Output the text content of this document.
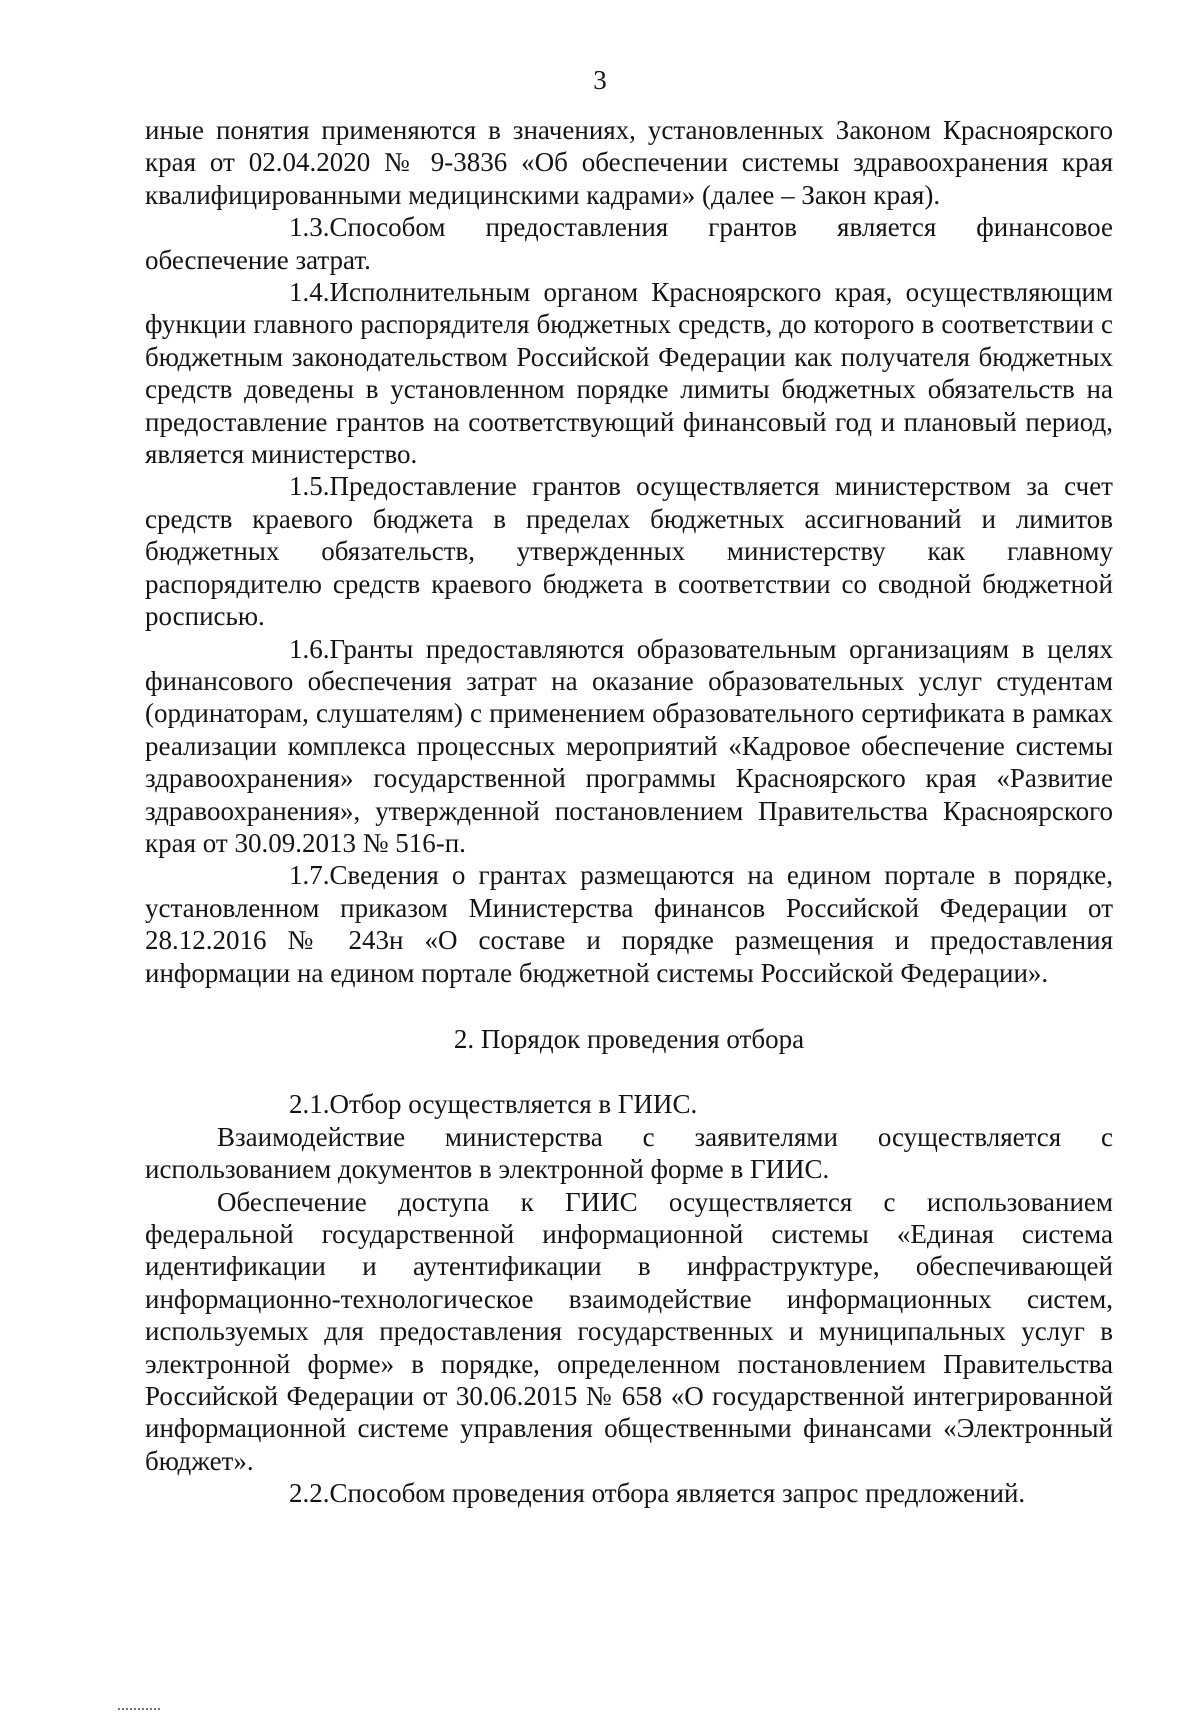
3

иные понятия применяются в значениях, установленных Законом Красноярского края от 02.04.2020 № 9-3836 «Об обеспечении системы здравоохранения края квалифицированными медицинскими кадрами» (далее – Закон края).

1.3.Способом предоставления грантов является финансовое обеспечение затрат.

1.4.Исполнительным органом Красноярского края, осуществляющим функции главного распорядителя бюджетных средств, до которого в соответствии с бюджетным законодательством Российской Федерации как получателя бюджетных средств доведены в установленном порядке лимиты бюджетных обязательств на предоставление грантов на соответствующий финансовый год и плановый период, является министерство.

1.5.Предоставление грантов осуществляется министерством за счет средств краевого бюджета в пределах бюджетных ассигнований и лимитов бюджетных обязательств, утвержденных министерству как главному распорядителю средств краевого бюджета в соответствии со сводной бюджетной росписью.

1.6.Гранты предоставляются образовательным организациям в целях финансового обеспечения затрат на оказание образовательных услуг студентам (ординаторам, слушателям) с применением образовательного сертификата в рамках реализации комплекса процессных мероприятий «Кадровое обеспечение системы здравоохранения» государственной программы Красноярского края «Развитие здравоохранения», утвержденной постановлением Правительства Красноярского края от 30.09.2013 № 516-п.

1.7.Сведения о грантах размещаются на едином портале в порядке, установленном приказом Министерства финансов Российской Федерации от 28.12.2016 № 243н «О составе и порядке размещения и предоставления информации на едином портале бюджетной системы Российской Федерации».

2. Порядок проведения отбора

2.1.Отбор осуществляется в ГИИС.

Взаимодействие министерства с заявителями осуществляется с использованием документов в электронной форме в ГИИС.

Обеспечение доступа к ГИИС осуществляется с использованием федеральной государственной информационной системы «Единая система идентификации и аутентификации в инфраструктуре, обеспечивающей информационно-технологическое взаимодействие информационных систем, используемых для предоставления государственных и муниципальных услуг в электронной форме» в порядке, определенном постановлением Правительства Российской Федерации от 30.06.2015 № 658 «О государственной интегрированной информационной системе управления общественными финансами «Электронный бюджет».

2.2.Способом проведения отбора является запрос предложений.
